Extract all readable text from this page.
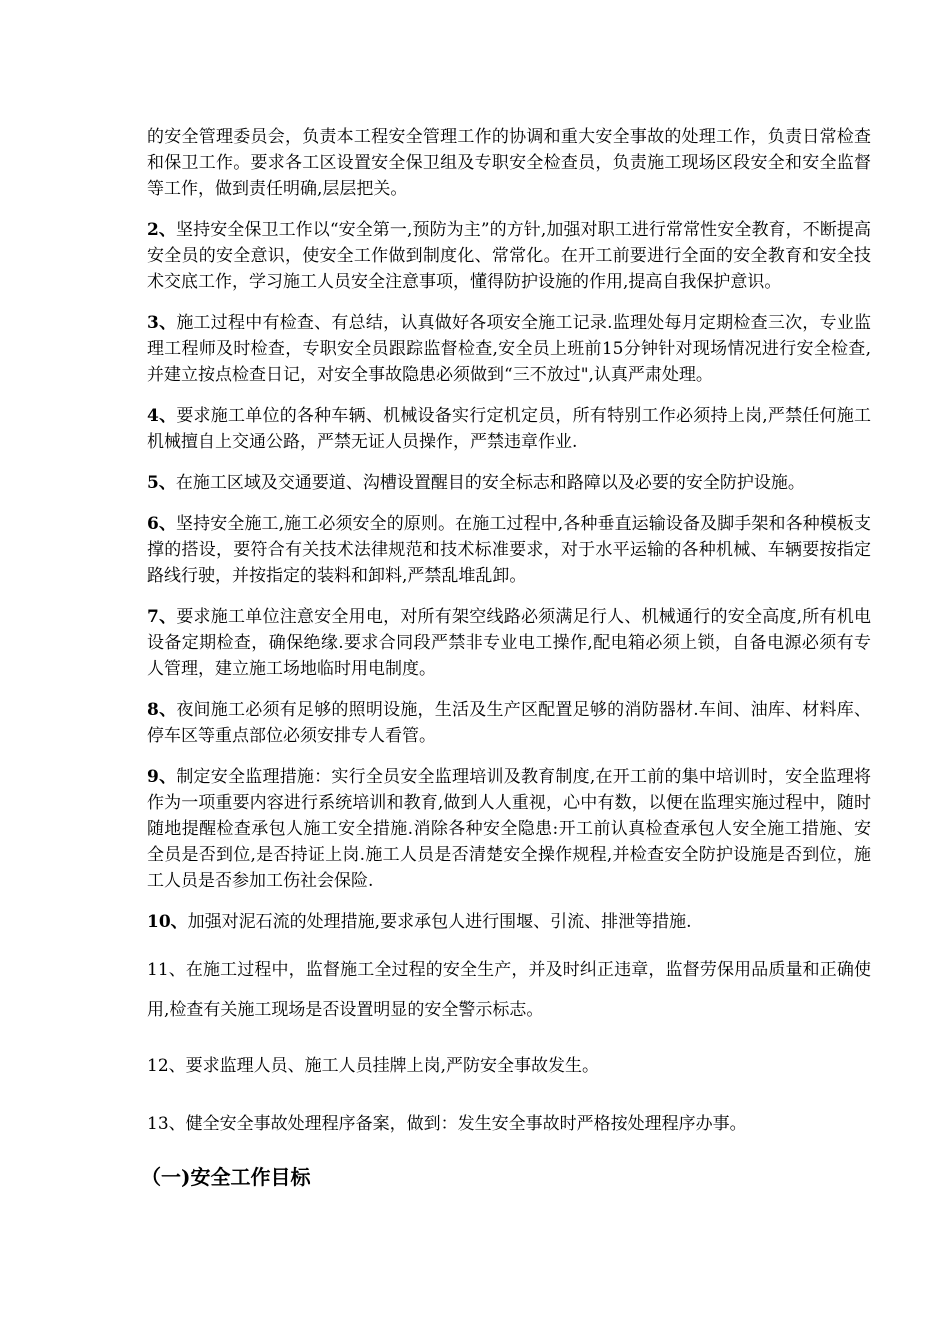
的安全管理委员会，负责本工程安全管理工作的协调和重大安全事故的处理工作，负责日常检查和保卫工作。要求各工区设置安全保卫组及专职安全检查员，负责施工现场区段安全和安全监督等工作，做到责任明确,层层把关。

2、坚持安全保卫工作以“安全第一,预防为主”的方针,加强对职工进行常常性安全教育，不断提高安全员的安全意识，使安全工作做到制度化、常常化。在开工前要进行全面的安全教育和安全技术交底工作，学习施工人员安全注意事项，懂得防护设施的作用,提高自我保护意识。

3、施工过程中有检查、有总结，认真做好各项安全施工记录.监理处每月定期检查三次，专业监理工程师及时检查，专职安全员跟踪监督检查,安全员上班前15分钟针对现场情况进行安全检查,并建立按点检查日记，对安全事故隐患必须做到“三不放过",认真严肃处理。

4、要求施工单位的各种车辆、机械设备实行定机定员，所有特别工作必须持上岗,严禁任何施工机械擅自上交通公路，严禁无证人员操作，严禁违章作业.

5、在施工区域及交通要道、沟槽设置醒目的安全标志和路障以及必要的安全防护设施。

6、坚持安全施工,施工必须安全的原则。在施工过程中,各种垂直运输设备及脚手架和各种模板支撑的搭设，要符合有关技术法律规范和技术标准要求，对于水平运输的各种机械、车辆要按指定路线行驶，并按指定的装料和卸料,严禁乱堆乱卸。

7、要求施工单位注意安全用电，对所有架空线路必须满足行人、机械通行的安全高度,所有机电设备定期检查，确保绝缘.要求合同段严禁非专业电工操作,配电箱必须上锁，自备电源必须有专人管理，建立施工场地临时用电制度。

8、夜间施工必须有足够的照明设施，生活及生产区配置足够的消防器材.车间、油库、材料库、停车区等重点部位必须安排专人看管。

9、制定安全监理措施：实行全员安全监理培训及教育制度,在开工前的集中培训时，安全监理将作为一项重要内容进行系统培训和教育,做到人人重视，心中有数，以便在监理实施过程中，随时随地提醒检查承包人施工安全措施.消除各种安全隐患:开工前认真检查承包人安全施工措施、安全员是否到位,是否持证上岗.施工人员是否清楚安全操作规程,并检查安全防护设施是否到位，施工人员是否参加工伤社会保险.

10、加强对泥石流的处理措施,要求承包人进行围堰、引流、排泄等措施.

11、在施工过程中，监督施工全过程的安全生产，并及时纠正违章，监督劳保用品质量和正确使用,检查有关施工现场是否设置明显的安全警示标志。

12、要求监理人员、施工人员挂牌上岗,严防安全事故发生。

13、健全安全事故处理程序备案，做到：发生安全事故时严格按处理程序办事。

（一)安全工作目标
